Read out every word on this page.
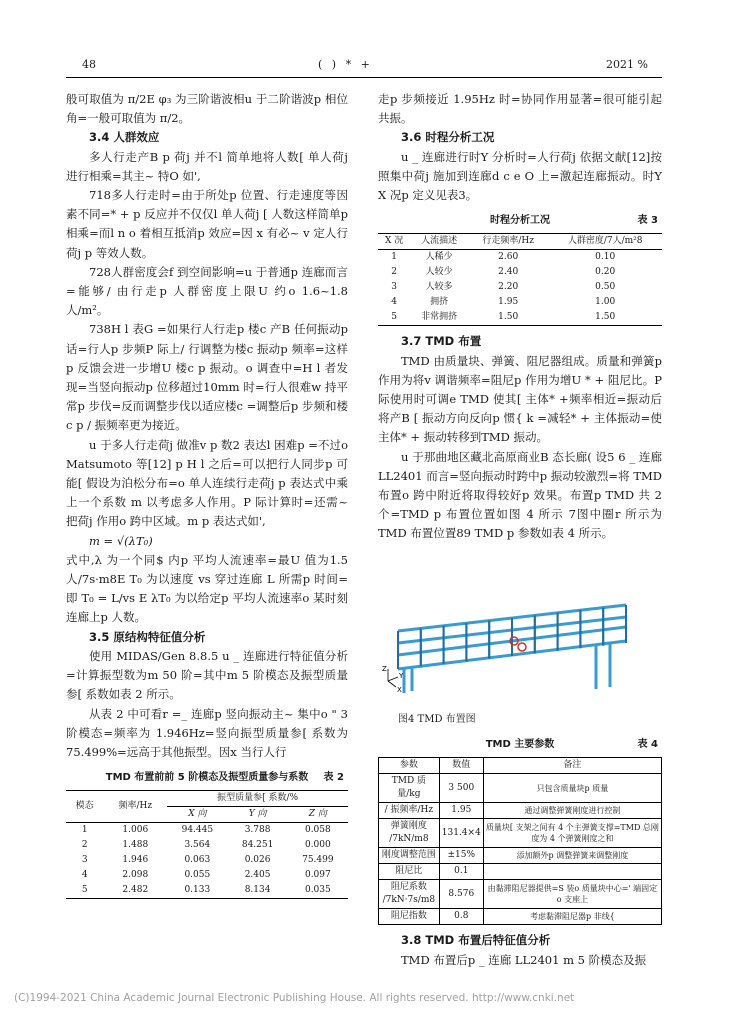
48	( ) * +	2021 %

般可取值为 π/2E φ₃ 为三阶谐波相u 于二阶谐波p 相位角=一般可取值为 π/2。

3.4 人群效应

多人行走产B p 荷j 并不l 简单地将人数[ 单人荷j 进行相乘=其主~ 特O 如',

718多人行走时=由于所处p 位置、行走速度等因素不同=* + p 反应并不仅仅l 单人荷j [ 人数这样简单p 相乘=而l n o 着相互抵消p 效应=因 x 有必~ v 定人行荷j p 等效人数。

728人群密度会f 到空间影响=u 于普通p 连廊而言=能够/ 由行走p 人群密度上限U 约o 1.6~1.8 人/m²。

738H l 表G =如果行人行走p 楼c 产B 任何振动p 话=行人p 步频P 际上/ 行调整为楼c 振动p 频率=这样p 反馈会进一步增U 楼c p 振动。o 调查中=H l 者发现=当竖向振动p 位移超过10mm 时=行人很难w 持平常p 步伐=反而调整步伐以适应楼c =调整后p 步频和楼c p / 振频率更为接近。

u 于多人行走荷j 做准v p 数2 表达l 困难p =不过o Matsumoto 等[12] p H l 之后=可以把行人同步p 可能[ 假设为泊松分布=o 单人连续行走荷j p 表达式中乘上一个系数 m 以考虑多人作用。P 际计算时=还需~ 把荷j 作用o 跨中区域。m p 表达式如',

m = √(λT₀)

式中,λ 为一个同$ 内p 平均人流速率=最U 值为1.5 人/7s·m8E T₀ 为以速度 vs 穿过连廊 L 所需p 时间=即 T₀ = L/vs E λT₀ 为以给定p 平均人流速率o 某时刻连廊上p 人数。

3.5 原结构特征值分析

使用 MIDAS/Gen 8.8.5 u _ 连廊进行特征值分析=计算振型数为m 50 阶=其中m 5 阶模态及振型质量参[ 系数如表 2 所示。

从表 2 中可看r =_ 连廊p 竖向振动主~ 集中o " 3 阶模态=频率为 1.946Hz=竖向振型质量参[ 系数为 75.499%=远高于其他振型。因x 当行人行

TMD 布置前前 5 阶模态及振型质量参与系数 表 2
模态	频率/Hz	振型质量参[ 系数/%		
		X 向	Y 向	Z 向
1	1.006	94.445	3.788	0.058
2	1.488	3.564	84.251	0.000
3	1.946	0.063	0.026	75.499
4	2.098	0.055	2.405	0.097
5	2.482	0.133	8.134	0.035

走p 步频接近 1.95Hz 时=协同作用显著=很可能引起共振。

3.6 时程分析工况

u _ 连廊进行时Y 分析时=人行荷j 依据文献[12]按照集中荷j 施加到连廊d c e O 上=激起连廊振动。时Y X 况p 定义见表3。

时程分析工况	表 3
X 况	人流描述	行走频率/Hz	人群密度/7人/m²8
1	人稀少	2.60	0.10
2	人较少	2.40	0.20
3	人较多	2.20	0.50
4	拥挤	1.95	1.00
5	非常拥挤	1.50	1.50

3.7 TMD 布置

TMD 由质量块、弹簧、阻尼器组成。质量和弹簧p 作用为将v 调谐频率=阻尼p 作用为增U * + 阻尼比。P 际使用时可调e TMD 使其[ 主体* +频率相近=振动后将产B [ 振动方向反向p 惯{ k =减轻* + 主体振动=使主体* + 振动转移到TMD 振动。

u 于那曲地区藏北高原商业B 态长廊( 设5 6 _ 连廊 LL2401 而言=竖向振动时跨中p 振动较激烈=将 TMD 布置o 跨中附近将取得较好p 效果。布置p TMD 共 2 个=TMD p 布置位置如图 4 所示 7图中圈r 所示为 TMD 布置位置89 TMD p 参数如表 4 所示。

Z
Y
X

图4 TMD 布置图

TMD 主要参数	表 4
参数	数值	备注
TMD 质量/kg	3 500	只包含质量块p 质量
/ 振频率/Hz	1.95	通过调整弹簧刚度进行控制
弹簧刚度
/7kN/m8	131.4×4	质量块[ 支架之间有 4 个主弹簧支撑=TMD 总刚度为 4 个弹簧刚度之和
刚度调整范围	±15%	添加额外p 调整弹簧来调整刚度
阻尼比	0.1	
阻尼系数
/7kN·7s/m8	8.576	由黏滞阻尼器提供=S 装o 质量块中心=' 端固定o 支座上
阻尼指数	0.8	考虑黏滞阻尼器p 非线{

3.8 TMD 布置后特征值分析

TMD 布置后p _ 连廊 LL2401 m 5 阶模态及振

(C)1994-2021 China Academic Journal Electronic Publishing House. All rights reserved. http://www.cnki.net
